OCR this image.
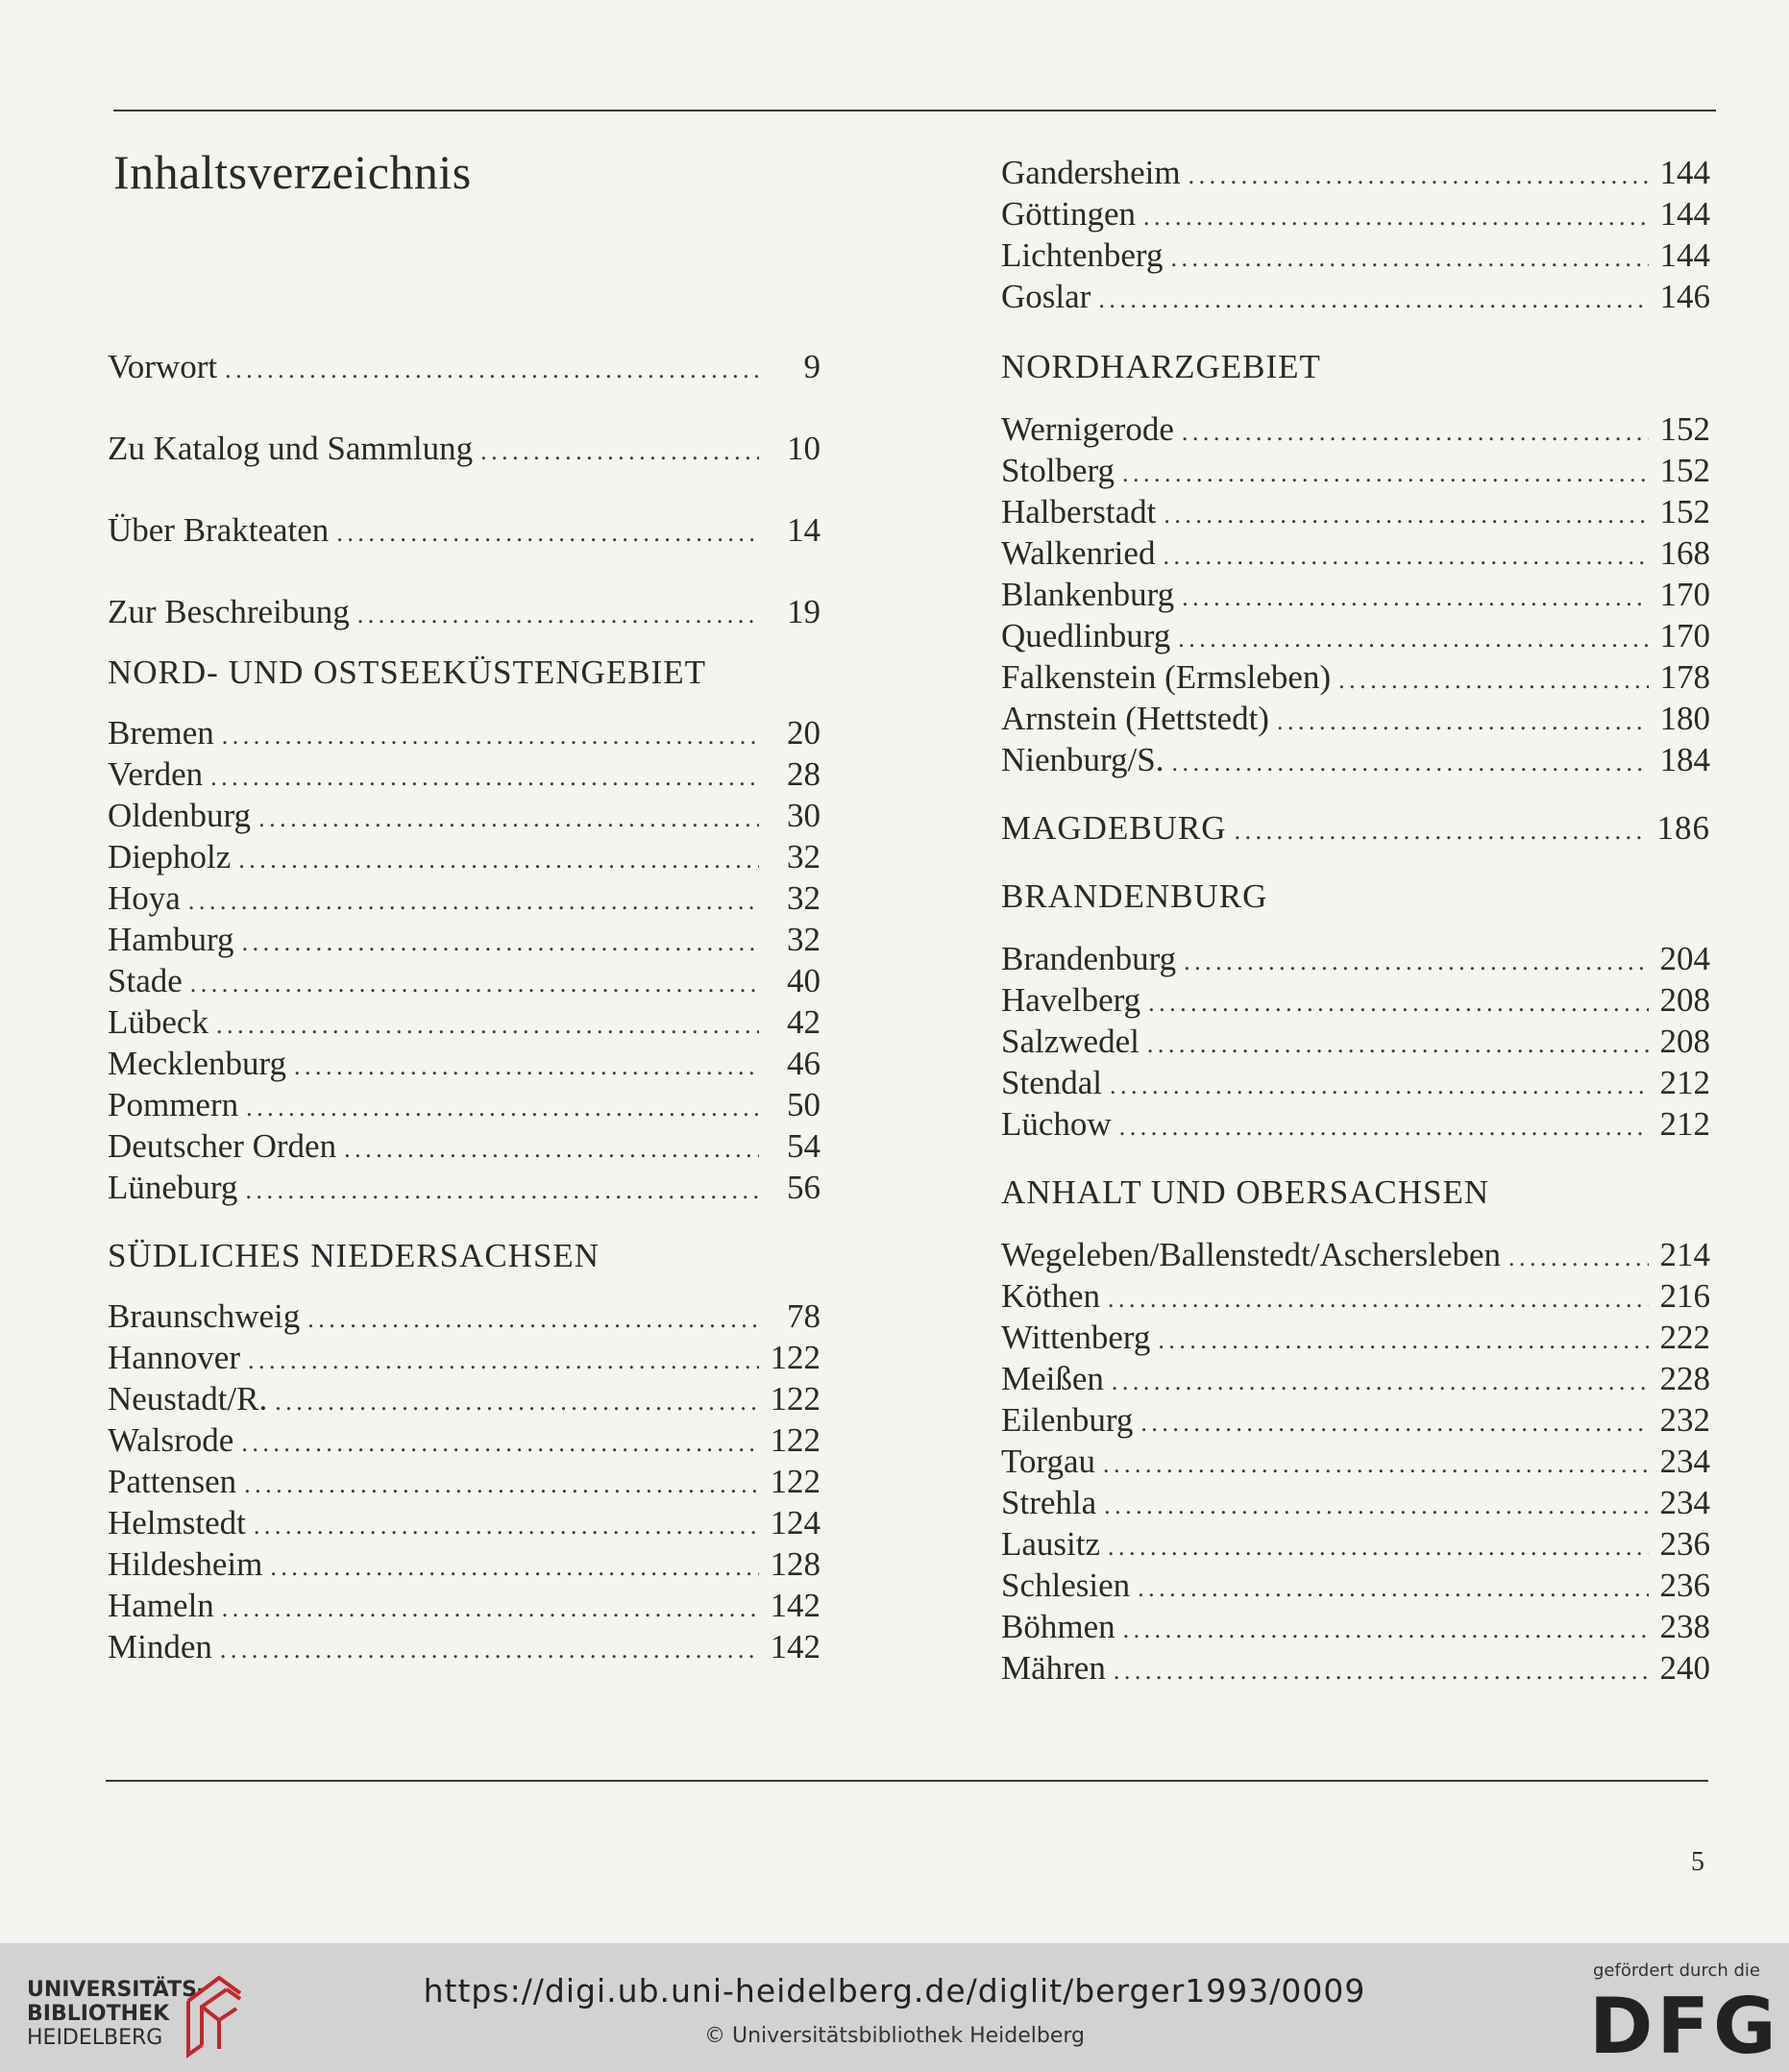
Inhaltsverzeichnis
Vorwort . . .	9
Zu Katalog und Sammlung . . .	10
Über Brakteaten . . .	14
Zur Beschreibung . . .	19
NORD- UND OSTSEEKÜSTENGEBIET
Bremen . . .	20
Verden . . .	28
Oldenburg . . .	30
Diepholz . . .	32
Hoya . . .	32
Hamburg . . .	32
Stade . . .	40
Lübeck . . .	42
Mecklenburg . . .	46
Pommern . . .	50
Deutscher Orden . . .	54
Lüneburg . . .	56
SÜDLICHES NIEDERSACHSEN
Braunschweig . . .	78
Hannover . . .	122
Neustadt/R. . . .	122
Walsrode . . .	122
Pattensen . . .	122
Helmstedt . . .	124
Hildesheim . . .	128
Hameln . . .	142
Minden . . .	142
Gandersheim . . .	144
Göttingen . . .	144
Lichtenberg . . .	144
Goslar . . .	146
NORDHARZGEBIET
Wernigerode . . .	152
Stolberg . . .	152
Halberstadt . . .	152
Walkenried . . .	168
Blankenburg . . .	170
Quedlinburg . . .	170
Falkenstein (Ermsleben) . . .	178
Arnstein (Hettstedt) . . .	180
Nienburg/S. . . .	184
MAGDEBURG . . .	186
BRANDENBURG
Brandenburg . . .	204
Havelberg . . .	208
Salzwedel . . .	208
Stendal . . .	212
Lüchow . . .	212
ANHALT UND OBERSACHSEN
Wegeleben/Ballenstedt/Aschersleben . . .	214
Köthen . . .	216
Wittenberg . . .	222
Meißen . . .	228
Eilenburg . . .	232
Torgau . . .	234
Strehla . . .	234
Lausitz . . .	236
Schlesien . . .	236
Böhmen . . .	238
Mähren . . .	240
5
UNIVERSITÄTS-
BIBLIOTHEK
HEIDELBERG
https://digi.ub.uni-heidelberg.de/diglit/berger1993/0009
© Universitätsbibliothek Heidelberg
gefördert durch die
DFG
